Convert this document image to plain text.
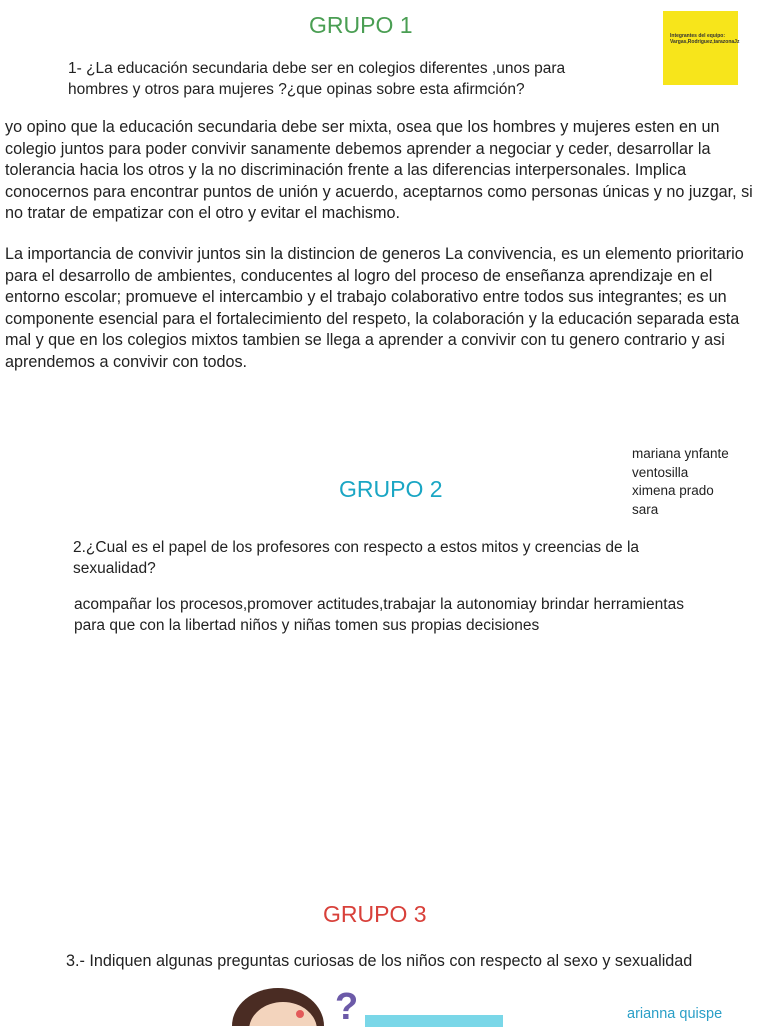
GRUPO 1
1- ¿La educación secundaria debe ser en colegios diferentes ,unos para
hombres y otros para mujeres ?¿que opinas sobre esta afirmción?
Integrantes del equipo: Vargas,Rodriguez,tarazonaJz
yo opino que la educación secundaria debe ser mixta, osea que los hombres y mujeres esten en un colegio juntos para poder convivir sanamente debemos aprender a negociar y ceder, desarrollar la tolerancia hacia los otros y la no discriminación frente a las diferencias interpersonales. Implica conocernos para encontrar puntos de unión y acuerdo, aceptarnos como personas únicas y no juzgar, si no tratar de empatizar con el otro y evitar el machismo.
La importancia de convivir juntos sin la distincion de generos La convivencia, es un elemento prioritario para el desarrollo de ambientes, conducentes al logro del proceso de enseñanza aprendizaje en el entorno escolar; promueve el intercambio y el trabajo colaborativo entre todos sus integrantes; es un componente esencial para el fortalecimiento del respeto, la colaboración y la educación separada esta mal y que en los colegios mixtos tambien se llega a aprender a convivir con tu genero contrario y asi aprendemos a convivir con todos.
mariana ynfante
ventosilla
ximena prado
sara
GRUPO 2
2.¿Cual es el papel de los profesores con respecto a estos mitos y creencias de la sexualidad?
acompañar los procesos,promover actitudes,trabajar la autonomiay brindar herramientas para que con la libertad niños y niñas tomen sus propias decisiones
GRUPO 3
3.- Indiquen algunas preguntas curiosas de los niños con respecto al sexo y sexualidad
?	arianna quispe
